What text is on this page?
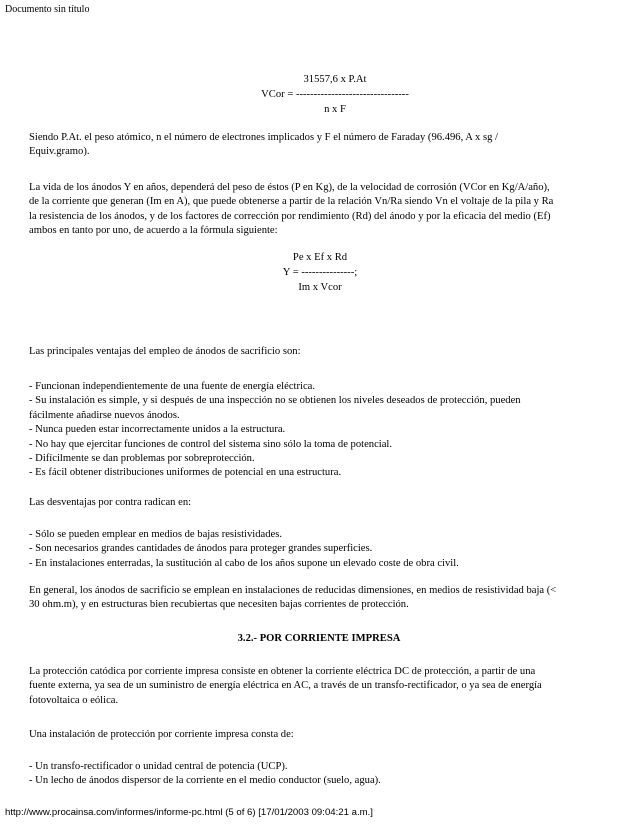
Documento sin título
31557,6 x P.At
VCor = --------------------------------
n x F
Siendo P.At. el peso atómico, n el número de electrones implicados y F el número de Faraday (96.496, A x sg /
Equiv.gramo).
La vida de los ánodos Y en años, dependerá del peso de éstos (P en Kg), de la velocidad de corrosión (VCor en Kg/A/año),
de la corriente que generan (Im en A), que puede obtenerse a partir de la relación Vn/Ra siendo Vn el voltaje de la pila y Ra
la resistencia de los ánodos, y de los factores de corrección por rendimiento (Rd) del ánodo y por la eficacia del medio (Ef)
ambos en tanto por uno, de acuerdo a la fórmula siguiente:
Pe x Ef x Rd
Y = ---------------;
Im x Vcor
Las principales ventajas del empleo de ánodos de sacrificio son:
- Funcionan independientemente de una fuente de energía eléctrica.
- Su instalación es simple, y si después de una inspección no se obtienen los niveles deseados de protección, pueden
fácilmente añadirse nuevos ánodos.
- Nunca pueden estar incorrectamente unidos a la estructura.
- No hay que ejercitar funciones de control del sistema sino sólo la toma de potencial.
- Difícilmente se dan problemas por sobreprotección.
- Es fácil obtener distribuciones uniformes de potencial en una estructura.
Las desventajas por contra radican en:
- Sólo se pueden emplear en medios de bajas resistividades.
- Son necesarios grandes cantidades de ánodos para proteger grandes superficies.
- En instalaciones enterradas, la sustitución al cabo de los años supone un elevado coste de obra civil.
En general, los ánodos de sacrificio se emplean en instalaciones de reducidas dimensiones, en medios de resistividad baja (<
30 ohm.m), y en estructuras bien recubiertas que necesiten bajas corrientes de protección.
3.2.- POR CORRIENTE IMPRESA
La protección catódica por corriente impresa consiste en obtener la corriente eléctrica DC de protección, a partir de una
fuente externa, ya sea de un suministro de energía eléctrica en AC, a través de un transfo-rectificador, o ya sea de energía
fotovoltaica o eólica.
Una instalación de protección por corriente impresa consta de:
- Un transfo-rectificador o unidad central de potencia (UCP).
- Un lecho de ánodos dispersor de la corriente en el medio conductor (suelo, agua).
http://www.procainsa.com/informes/informe-pc.html (5 of 6) [17/01/2003 09:04:21 a.m.]
